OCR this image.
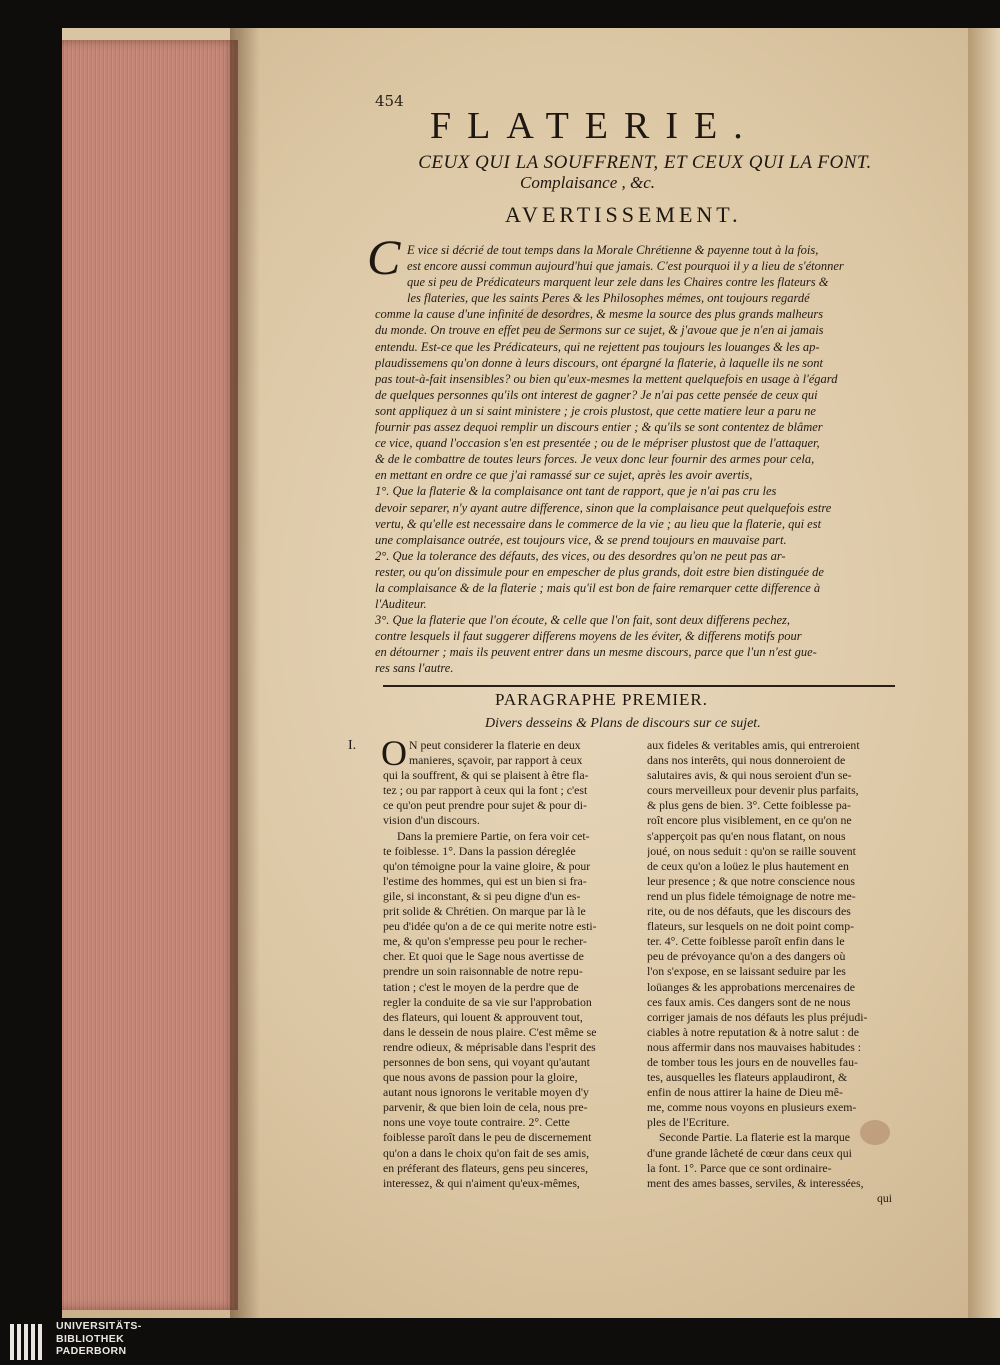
454
FLATERIE.
CEUX QUI LA SOUFFRENT, ET CEUX QUI LA FONT.
Complaisance , &c.
AVERTISSEMENT.
C E vice si décrié de tout temps dans la Morale Chrétienne & payenne tout à la fois,
est encore aussi commun aujourd'hui que jamais. C'est pourquoi il y a lieu de s'étonner
que si peu de Prédicateurs marquent leur zele dans les Chaires contre les flateurs &
les flateries, que les saints Peres & les Philosophes mémes, ont toujours regardé
comme la cause d'une infinité de desordres, & mesme la source des plus grands malheurs
du monde. On trouve en effet peu de Sermons sur ce sujet, & j'avoue que je n'en ai jamais
entendu. Est-ce que les Prédicateurs, qui ne rejettent pas toujours les louanges & les ap-
plaudissemens qu'on donne à leurs discours, ont épargné la flaterie, à laquelle ils ne sont
pas tout-à-fait insensibles? ou bien qu'eux-mesmes la mettent quelquefois en usage à l'égard
de quelques personnes qu'ils ont interest de gagner? Je n'ai pas cette pensée de ceux qui
sont appliquez à un si saint ministere ; je crois plustost, que cette matiere leur a paru ne
fournir pas assez dequoi remplir un discours entier ; & qu'ils se sont contentez de blâmer
ce vice, quand l'occasion s'en est presentée ; ou de le mépriser plustost que de l'attaquer,
& de le combattre de toutes leurs forces. Je veux donc leur fournir des armes pour cela,
en mettant en ordre ce que j'ai ramassé sur ce sujet, après les avoir avertis,
1°. Que la flaterie & la complaisance ont tant de rapport, que je n'ai pas cru les
devoir separer, n'y ayant autre difference, sinon que la complaisance peut quelquefois estre
vertu, & qu'elle est necessaire dans le commerce de la vie ; au lieu que la flaterie, qui est
une complaisance outrée, est toujours vice, & se prend toujours en mauvaise part.
2°. Que la tolerance des défauts, des vices, ou des desordres qu'on ne peut pas ar-
rester, ou qu'on dissimule pour en empescher de plus grands, doit estre bien distinguée de
la complaisance & de la flaterie ; mais qu'il est bon de faire remarquer cette difference à
l'Auditeur.
3°. Que la flaterie que l'on écoute, & celle que l'on fait, sont deux differens pechez,
contre lesquels il faut suggerer differens moyens de les éviter, & differens motifs pour
en détourner ; mais ils peuvent entrer dans un mesme discours, parce que l'un n'est gue-
res sans l'autre.
PARAGRAPHE PREMIER.
Divers desseins & Plans de discours sur ce sujet.
I. O N peut considerer la flaterie en deux
manieres, sçavoir, par rapport à ceux
qui la souffrent, & qui se plaisent à être fla-
tez ; ou par rapport à ceux qui la font ; c'est
ce qu'on peut prendre pour sujet & pour di-
vision d'un discours.
Dans la premiere Partie, on fera voir cet-
te foiblesse. 1°. Dans la passion déreglée
qu'on témoigne pour la vaine gloire, & pour
l'estime des hommes, qui est un bien si fra-
gile, si inconstant, & si peu digne d'un es-
prit solide & Chrétien. On marque par là le
peu d'idée qu'on a de ce qui merite notre esti-
me, & qu'on s'empresse peu pour le recher-
cher. Et quoi que le Sage nous avertisse de
prendre un soin raisonnable de notre repu-
tation ; c'est le moyen de la perdre que de
regler la conduite de sa vie sur l'approbation
des flateurs, qui louent & approuvent tout,
dans le dessein de nous plaire. C'est même se
rendre odieux, & méprisable dans l'esprit des
personnes de bon sens, qui voyant qu'autant
que nous avons de passion pour la gloire,
autant nous ignorons le veritable moyen d'y
parvenir, & que bien loin de cela, nous pre-
nons une voye toute contraire. 2°. Cette
foiblesse paroît dans le peu de discernement
qu'on a dans le choix qu'on fait de ses amis,
en préferant des flateurs, gens peu sinceres,
interessez, & qui n'aiment qu'eux-mêmes,
aux fideles & veritables amis, qui entreroient
dans nos interêts, qui nous donneroient de
salutaires avis, & qui nous seroient d'un se-
cours merveilleux pour devenir plus parfaits,
& plus gens de bien. 3°. Cette foiblesse pa-
roît encore plus visiblement, en ce qu'on ne
s'apperçoit pas qu'en nous flatant, on nous
joué, on nous seduit : qu'on se raille souvent
de ceux qu'on a loüez le plus hautement en
leur presence ; & que notre conscience nous
rend un plus fidele témoignage de notre me-
rite, ou de nos défauts, que les discours des
flateurs, sur lesquels on ne doit point comp-
ter. 4°. Cette foiblesse paroît enfin dans le
peu de prévoyance qu'on a des dangers où
l'on s'expose, en se laissant seduire par les
loüanges & les approbations mercenaires de
ces faux amis. Ces dangers sont de ne nous
corriger jamais de nos défauts les plus préjudi-
ciables à notre reputation & à notre salut : de
nous affermir dans nos mauvaises habitudes :
de tomber tous les jours en de nouvelles fau-
tes, ausquelles les flateurs applaudiront, &
enfin de nous attirer la haine de Dieu mê-
me, comme nous voyons en plusieurs exem-
ples de l'Ecriture.
Seconde Partie. La flaterie est la marque
d'une grande lâcheté de cœur dans ceux qui
la font. 1°. Parce que ce sont ordinaire-
ment des ames basses, serviles, & interessées,
qui
UNIVERSITÄTS-
BIBLIOTHEK
PADERBORN
